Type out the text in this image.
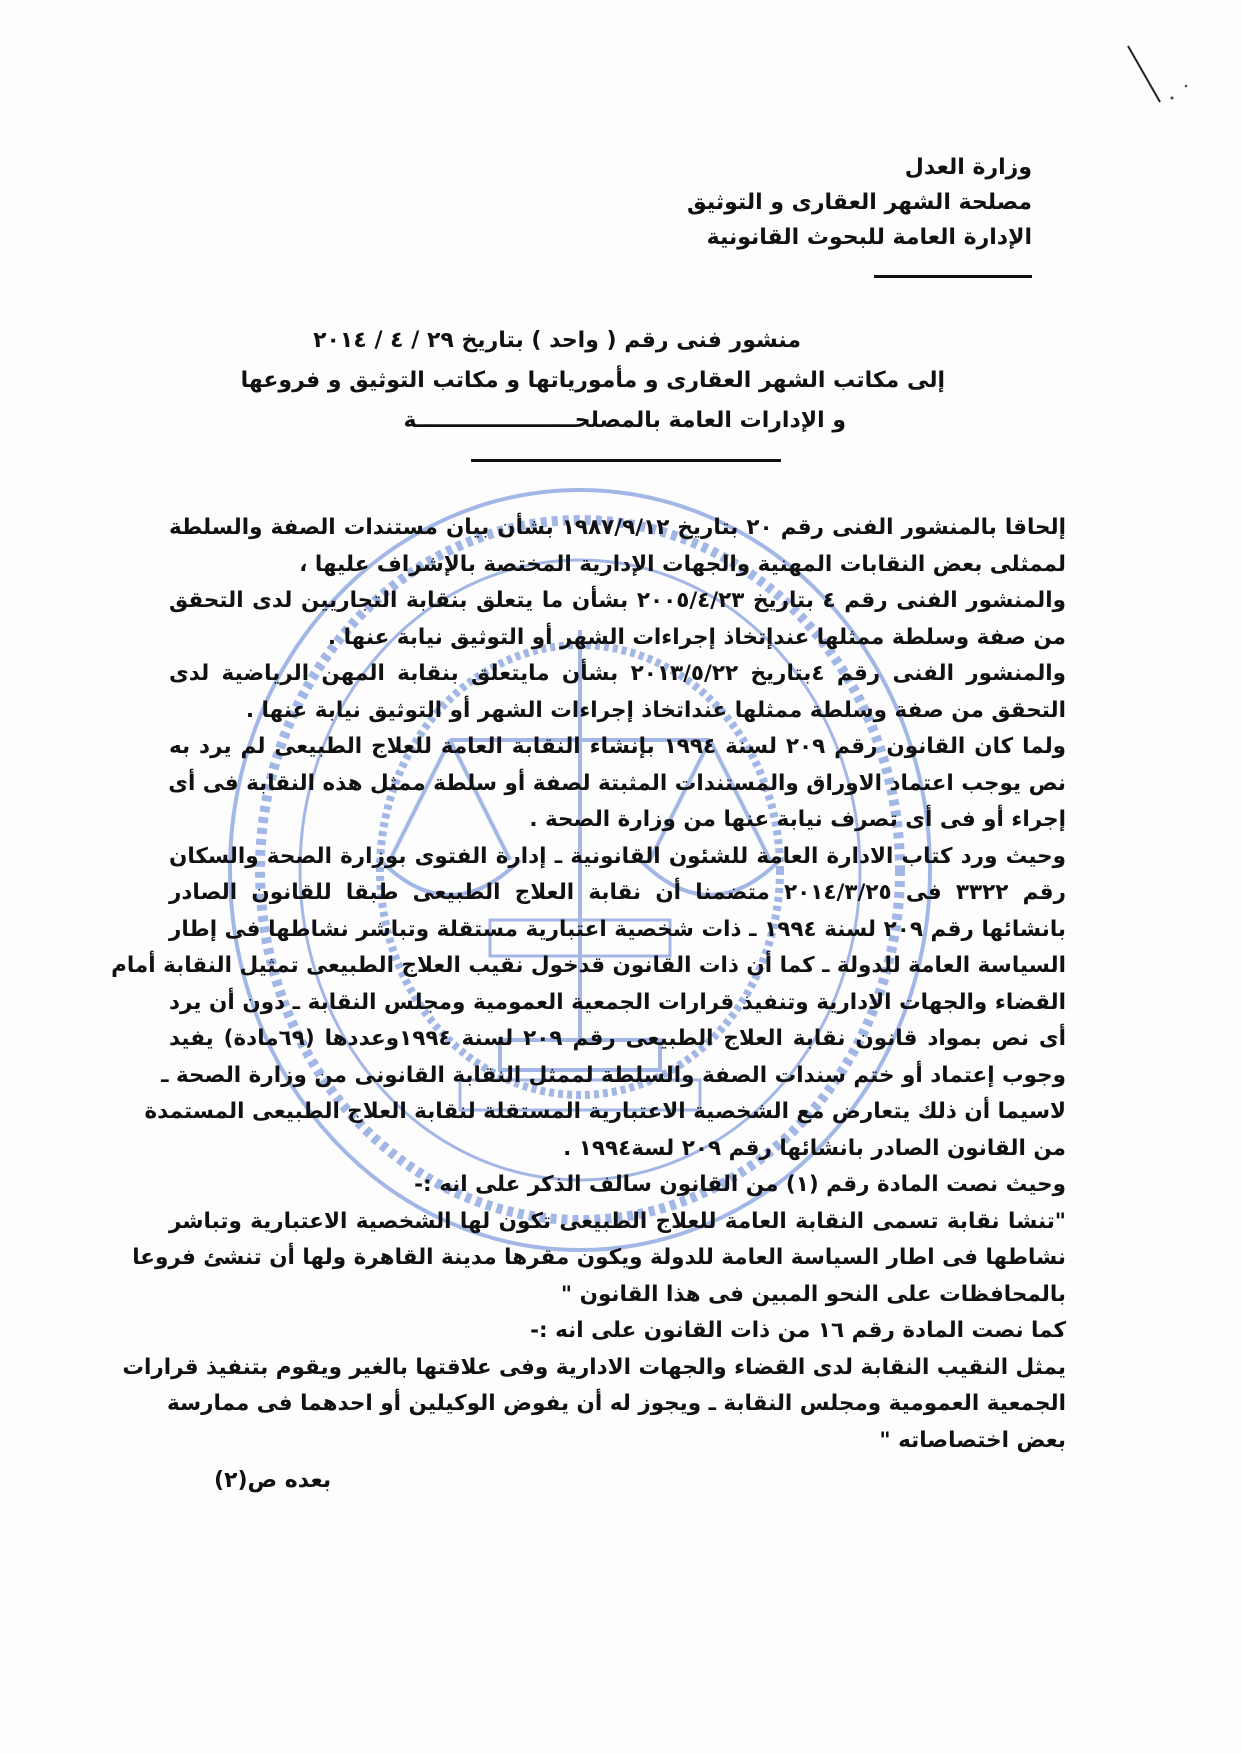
وزارة العدل
مصلحة الشهر العقارى و التوثيق
الإدارة العامة للبحوث القانونية
منشور فنى رقم ( واحد ) بتاريخ ٢٩ / ٤ / ٢٠١٤
إلى مكاتب الشهر العقارى و مأمورياتها و مكاتب التوثيق و فروعها
و الإدارات العامة بالمصلحـــــــــــــــــــــة
إلحاقا بالمنشور الفنى رقم ٢٠ بتاريخ ١٩٨٧/٩/١٢ بشأن بيان مستندات الصفة والسلطة
لممثلى بعض النقابات المهنية والجهات الإدارية المختصة بالإشراف عليها ،
والمنشور الفنى رقم ٤ بتاريخ ٢٠٠٥/٤/٢٣ بشأن ما يتعلق بنقابة التجاريين لدى التحقق
من صفة وسلطة ممثلها عندإتخاذ إجراءات الشهر أو التوثيق نيابة عنها .
والمنشور الفنى رقم ٤بتاريخ ٢٠١٣/٥/٢٢ بشأن مايتعلق بنقابة المهن الرياضية لدى
التحقق من صفة وسلطة ممثلها عنداتخاذ إجراءات الشهر أو التوثيق نيابة عنها .
ولما كان القانون رقم ٢٠٩ لسنة ١٩٩٤ بإنشاء النقابة العامة للعلاج الطبيعى لم يرد به
نص يوجب اعتماد الاوراق والمستندات المثبتة لصفة أو سلطة ممثل هذه النقابة فى أى
إجراء أو فى أى تصرف نيابة عنها من وزارة الصحة .
وحيث ورد كتاب الادارة العامة للشئون القانونية ـ إدارة الفتوى بوزارة الصحة والسكان
رقم ٣٣٢٢ فى ٢٠١٤/٣/٢٥ متضمنا أن نقابة العلاج الطبيعى طبقا للقانون الصادر
بانشائها رقم ٢٠٩ لسنة ١٩٩٤ ـ ذات شخصية اعتبارية مستقلة وتباشر نشاطها فى إطار
السياسة العامة للدولة ـ كما أن ذات القانون قدخول نقيب العلاج الطبيعى تمثيل النقابة أمام
القضاء والجهات الادارية وتنفيذ قرارات الجمعية العمومية ومجلس النقابة ـ دون أن يرد
أى نص بمواد قانون نقابة العلاج الطبيعى رقم ٢٠٩ لسنة ١٩٩٤وعددها (٦٩مادة) يفيد
وجوب إعتماد أو ختم سندات الصفة والسلطة لممثل النقابة القانونى من وزارة الصحة ـ
لاسيما أن ذلك يتعارض مع الشخصية الاعتبارية المستقلة لنقابة العلاج الطبيعى المستمدة
من القانون الصادر بانشائها رقم ٢٠٩ لسة١٩٩٤ .
وحيث نصت المادة رقم (١) من القانون سالف الذكر على انه :-
"تنشا نقابة تسمى النقابة العامة للعلاج الطبيعى تكون لها الشخصية الاعتبارية وتباشر
نشاطها فى اطار السياسة العامة للدولة ويكون مقرها مدينة القاهرة ولها أن تنشئ فروعا
بالمحافظات على النحو المبين فى هذا القانون "
كما نصت المادة رقم ١٦ من ذات القانون على انه :-
يمثل النقيب النقابة لدى القضاء والجهات الادارية وفى علاقتها بالغير ويقوم بتنفيذ قرارات
الجمعية العمومية ومجلس النقابة ـ ويجوز له أن يفوض الوكيلين أو احدهما فى ممارسة
بعض اختصاصاته "
بعده ص(٢)
